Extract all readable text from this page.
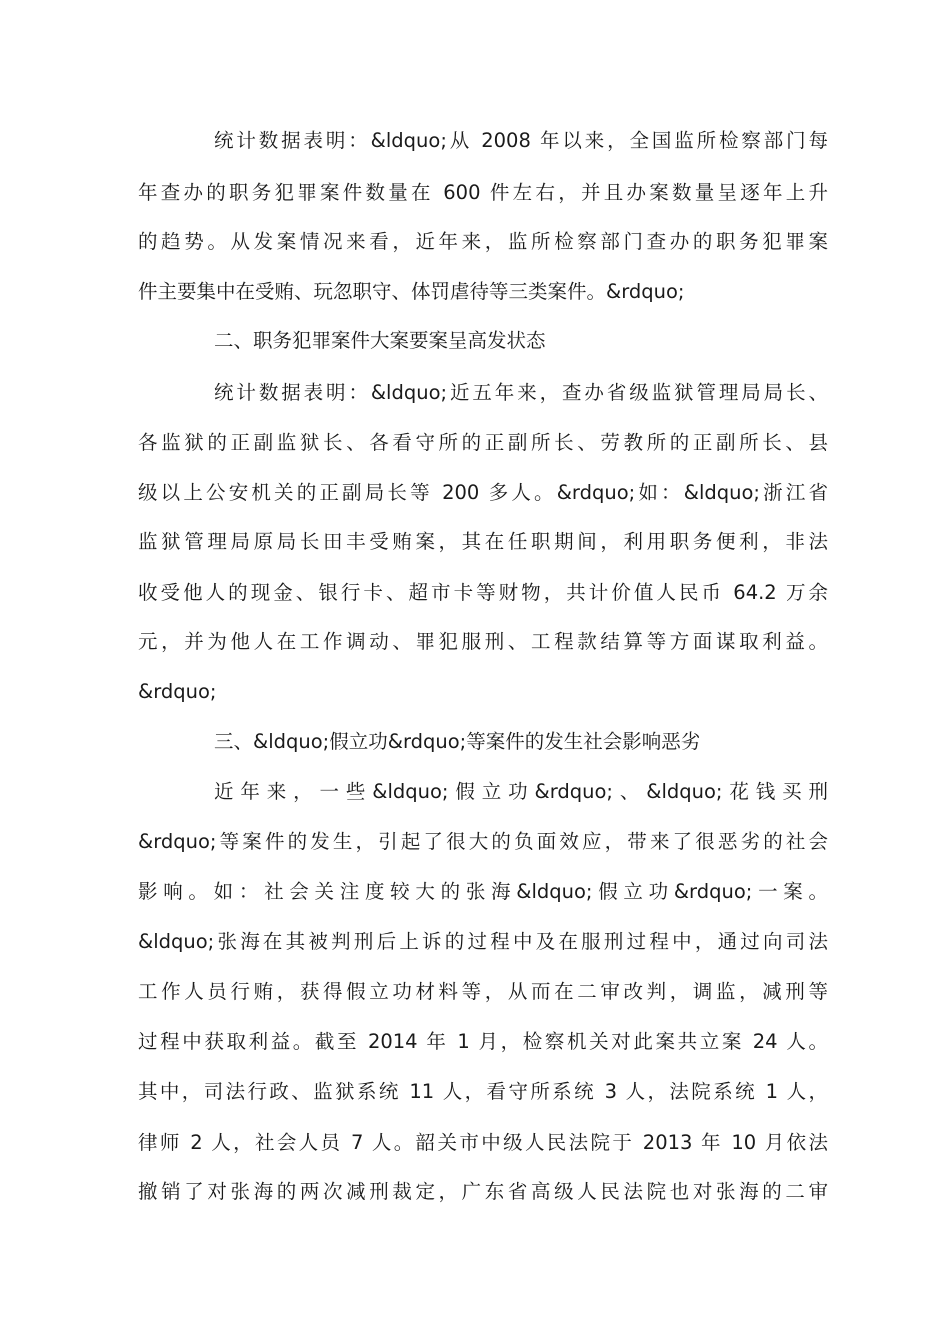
统计数据表明：&ldquo;从 2008 年以来，全国监所检察部门每
年查办的职务犯罪案件数量在 600 件左右，并且办案数量呈逐年上升
的趋势。从发案情况来看，近年来，监所检察部门查办的职务犯罪案
件主要集中在受贿、玩忽职守、体罚虐待等三类案件。&rdquo;
二、职务犯罪案件大案要案呈高发状态
统计数据表明：&ldquo;近五年来，查办省级监狱管理局局长、
各监狱的正副监狱长、各看守所的正副所长、劳教所的正副所长、县
级以上公安机关的正副局长等 200 多人。&rdquo;如：&ldquo;浙江省
监狱管理局原局长田丰受贿案，其在任职期间，利用职务便利，非法
收受他人的现金、银行卡、超市卡等财物，共计价值人民币 64.2 万余
元，并为他人在工作调动、罪犯服刑、工程款结算等方面谋取利益。
&rdquo;
三、&ldquo;假立功&rdquo;等案件的发生社会影响恶劣
近年来，一些&ldquo;假立功&rdquo;、&ldquo;花钱买刑
&rdquo;等案件的发生，引起了很大的负面效应，带来了很恶劣的社会
影响。如：社会关注度较大的张海&ldquo;假立功&rdquo;一案。
&ldquo;张海在其被判刑后上诉的过程中及在服刑过程中，通过向司法
工作人员行贿，获得假立功材料等，从而在二审改判，调监，减刑等
过程中获取利益。截至 2014 年 1 月，检察机关对此案共立案 24 人。
其中，司法行政、监狱系统 11 人，看守所系统 3 人，法院系统 1 人，
律师 2 人，社会人员 7 人。韶关市中级人民法院于 2013 年 10 月依法
撤销了对张海的两次减刑裁定，广东省高级人民法院也对张海的二审
